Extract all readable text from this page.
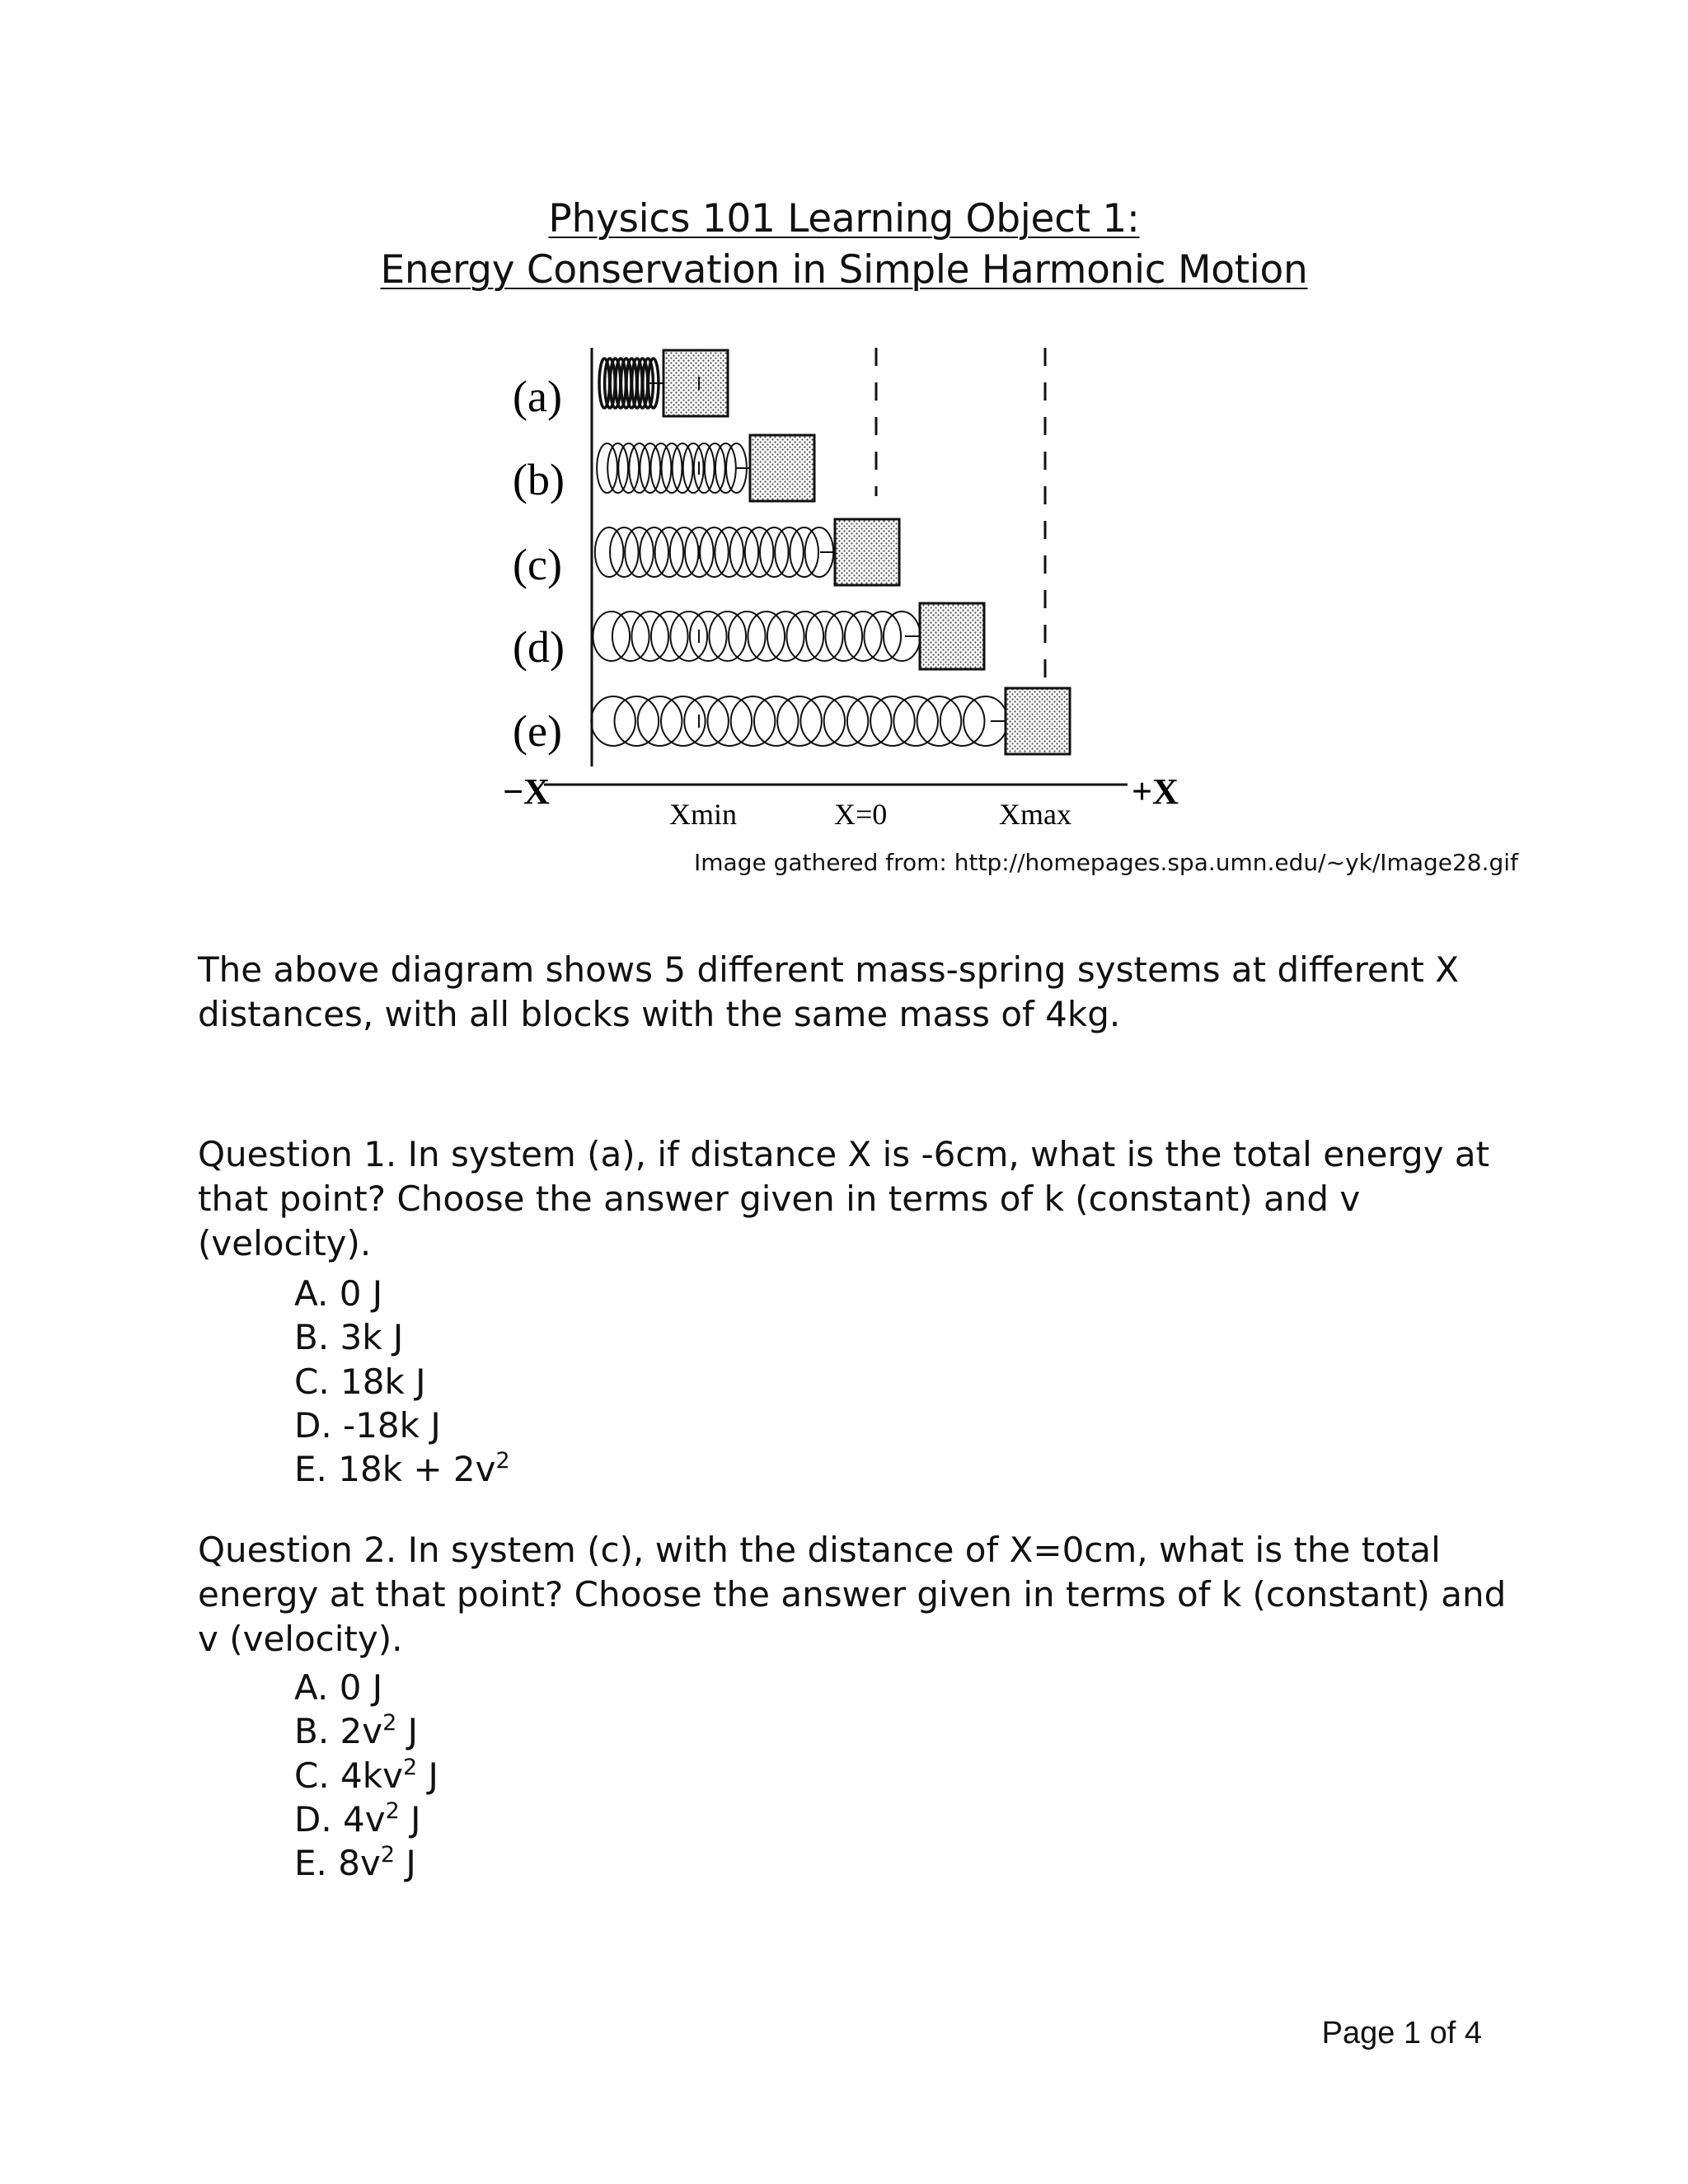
Physics 101 Learning Object 1:
Energy Conservation in Simple Harmonic Motion
(a)
(b)
(c)
(d)
(e)
−X	+X
Xmin	X=0	Xmax
Image gathered from: http://homepages.spa.umn.edu/~yk/Image28.gif
The above diagram shows 5 different mass-spring systems at different X distances, with all blocks with the same mass of 4kg.
Question 1. In system (a), if distance X is -6cm, what is the total energy at that point? Choose the answer given in terms of k (constant) and v (velocity).
A. 0 J
B. 3k J
C. 18k J
D. -18k J
E. $18k + 2v^2$
Question 2. In system (c), with the distance of X=0cm, what is the total energy at that point? Choose the answer given in terms of k (constant) and v (velocity).
A. 0 J
B. $2v^2$ J
C. $4kv^2$ J
D. $4v^2$ J
E. $8v^2$ J
Page 1 of 4
